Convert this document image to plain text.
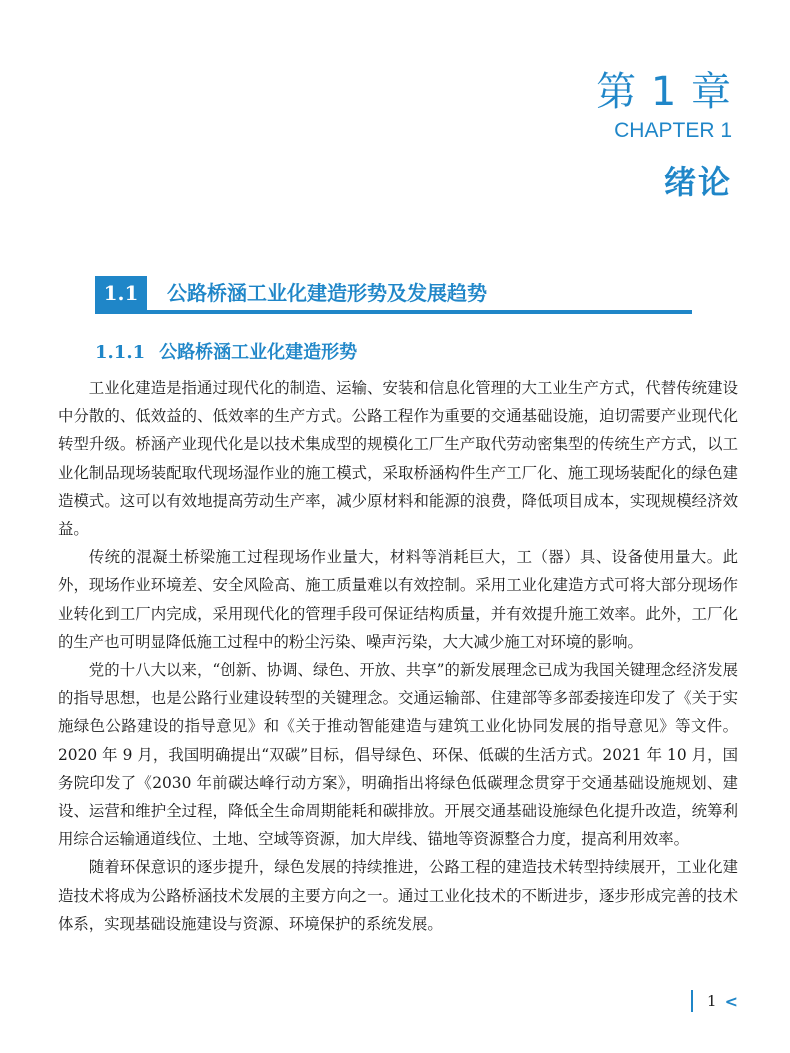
第 1 章
CHAPTER 1
绪论
1.1	公路桥涵工业化建造形势及发展趋势
1.1.1 公路桥涵工业化建造形势

工业化建造是指通过现代化的制造、运输、安装和信息化管理的大工业生产方式，代替传统建设中分散的、低效益的、低效率的生产方式。公路工程作为重要的交通基础设施，迫切需要产业现代化转型升级。桥涵产业现代化是以技术集成型的规模化工厂生产取代劳动密集型的传统生产方式，以工业化制品现场装配取代现场湿作业的施工模式，采取桥涵构件生产工厂化、施工现场装配化的绿色建造模式。这可以有效地提高劳动生产率，减少原材料和能源的浪费，降低项目成本，实现规模经济效益。

传统的混凝土桥梁施工过程现场作业量大，材料等消耗巨大，工（器）具、设备使用量大。此外，现场作业环境差、安全风险高、施工质量难以有效控制。采用工业化建造方式可将大部分现场作业转化到工厂内完成，采用现代化的管理手段可保证结构质量，并有效提升施工效率。此外，工厂化的生产也可明显降低施工过程中的粉尘污染、噪声污染，大大减少施工对环境的影响。

党的十八大以来，“创新、协调、绿色、开放、共享”的新发展理念已成为我国关键理念经济发展的指导思想，也是公路行业建设转型的关键理念。交通运输部、住建部等多部委接连印发了《关于实施绿色公路建设的指导意见》和《关于推动智能建造与建筑工业化协同发展的指导意见》等文件。2020 年 9 月，我国明确提出“双碳”目标，倡导绿色、环保、低碳的生活方式。2021 年 10 月，国务院印发了《2030 年前碳达峰行动方案》，明确指出将绿色低碳理念贯穿于交通基础设施规划、建设、运营和维护全过程，降低全生命周期能耗和碳排放。开展交通基础设施绿色化提升改造，统筹利用综合运输通道线位、土地、空域等资源，加大岸线、锚地等资源整合力度，提高利用效率。

随着环保意识的逐步提升，绿色发展的持续推进，公路工程的建造技术转型持续展开，工业化建造技术将成为公路桥涵技术发展的主要方向之一。通过工业化技术的不断进步，逐步形成完善的技术体系，实现基础设施建设与资源、环境保护的系统发展。

1 <
